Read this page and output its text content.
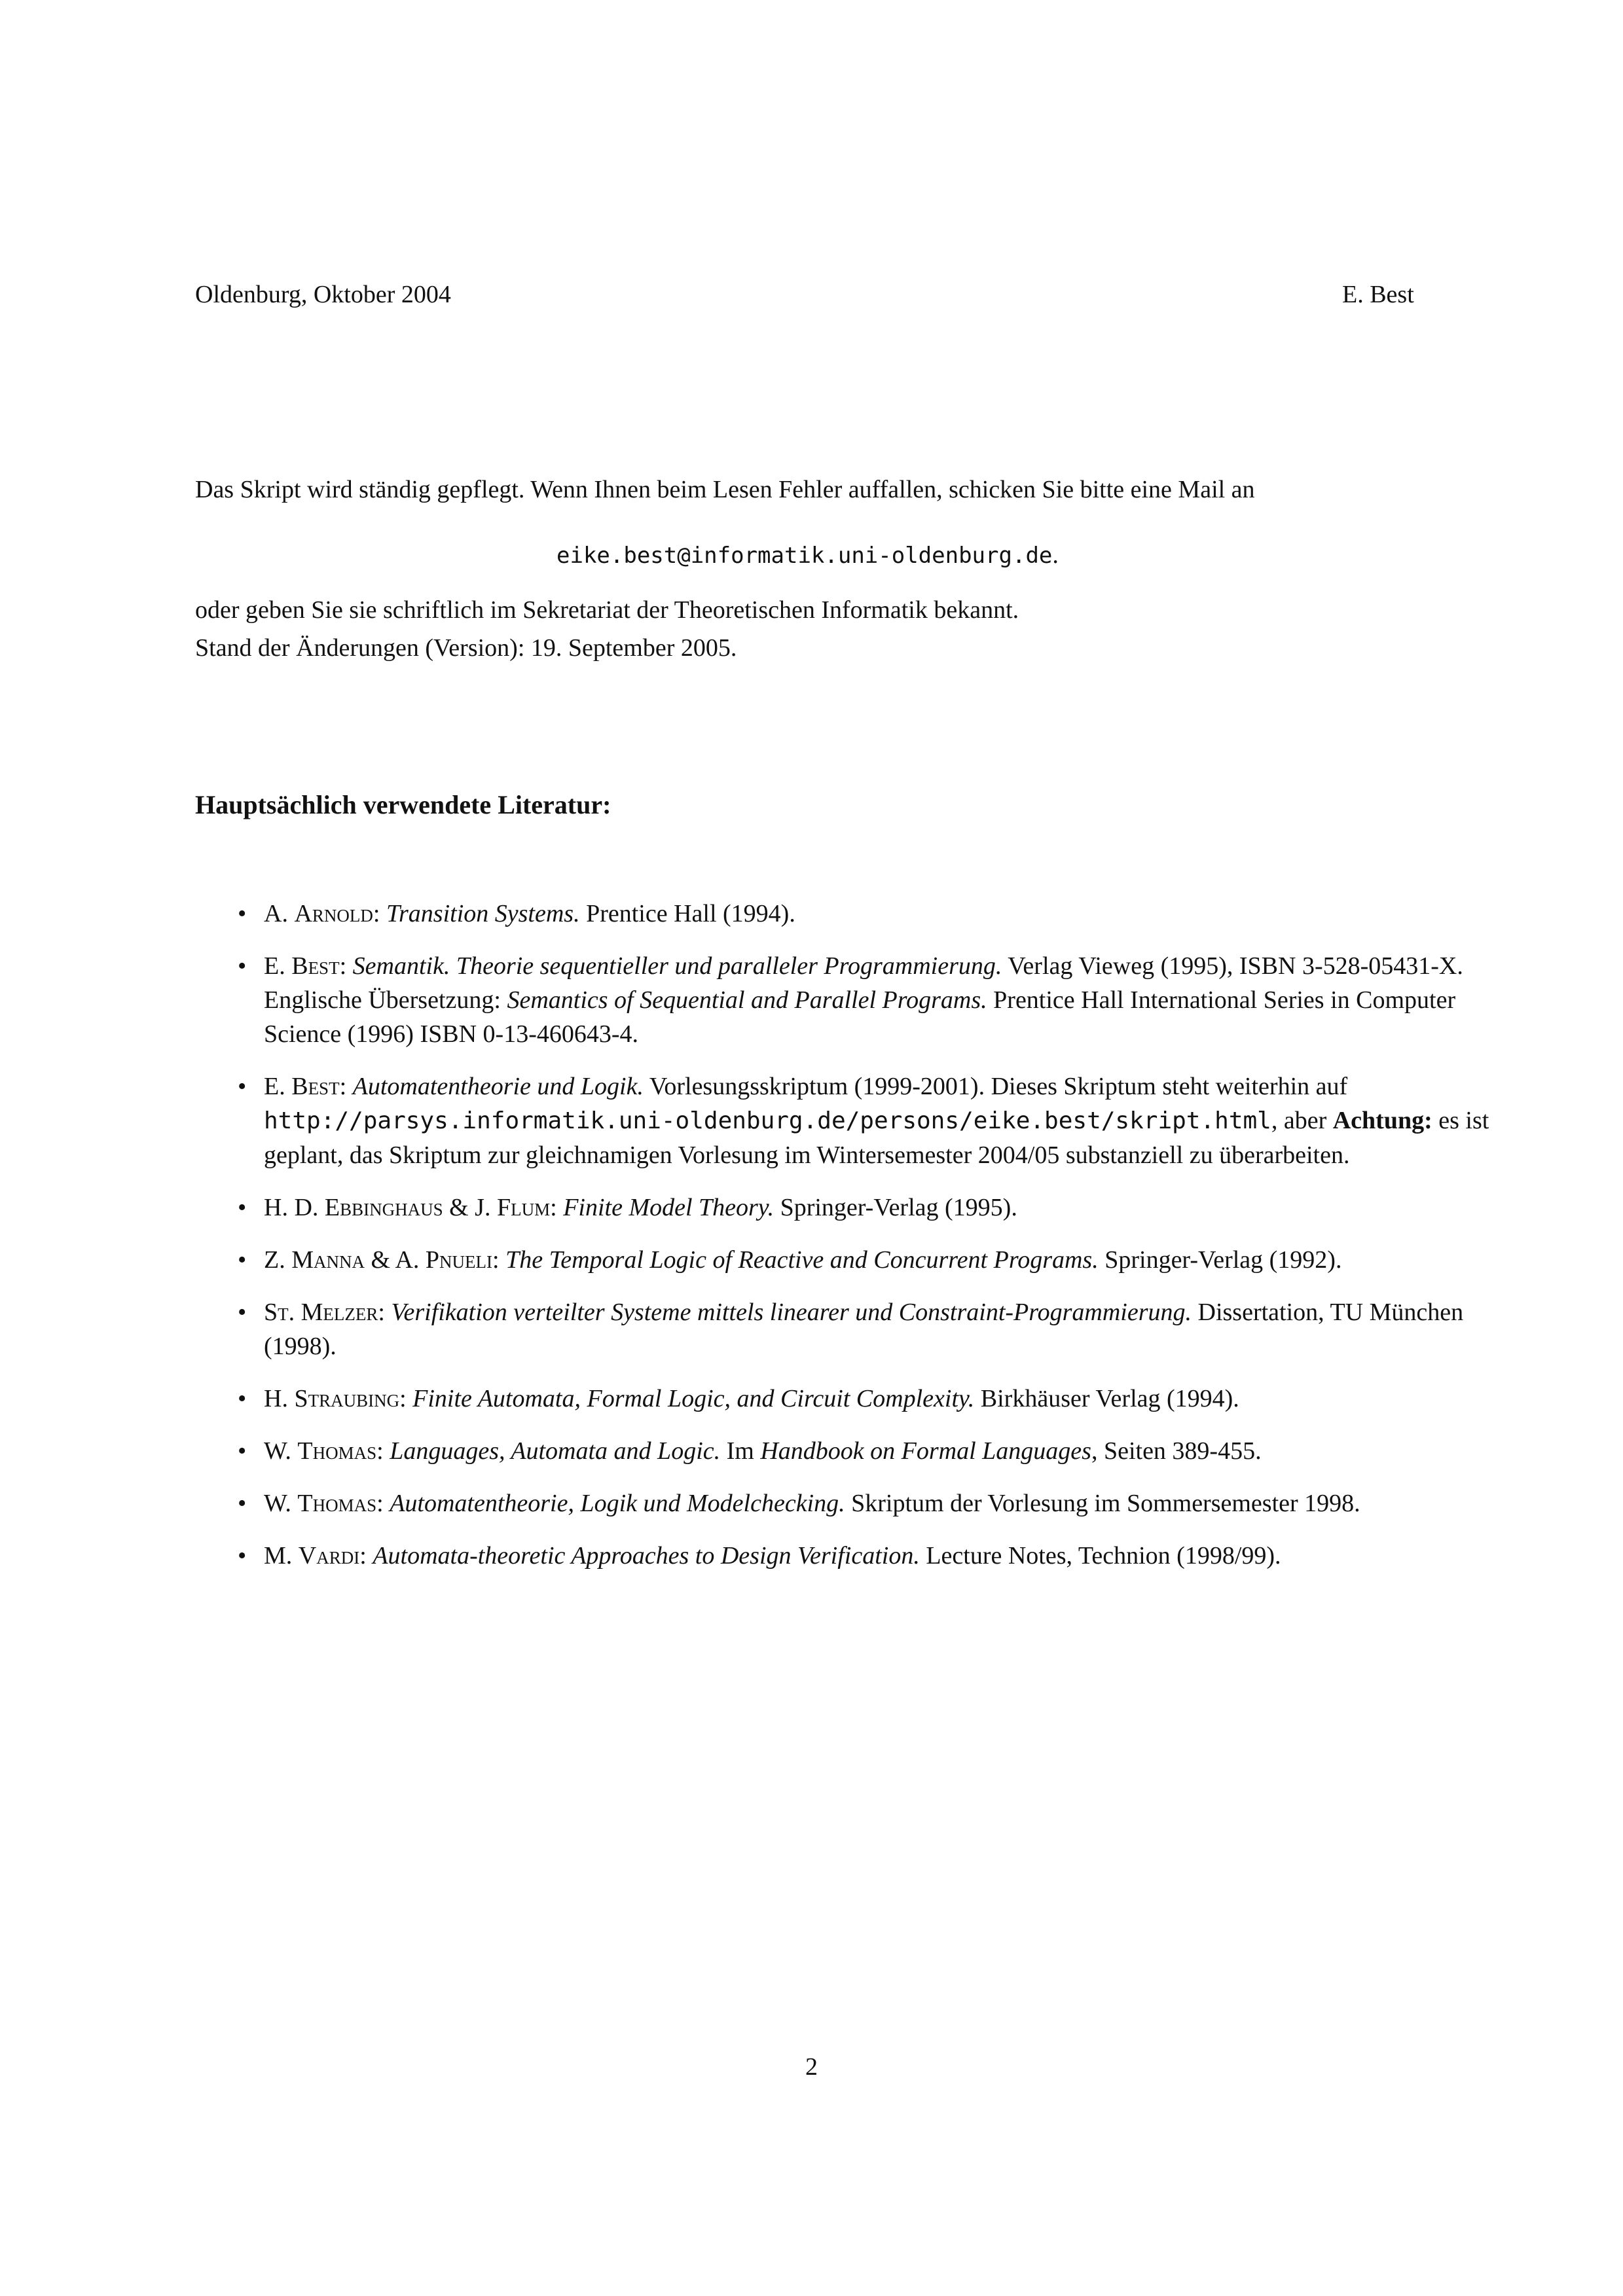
Oldenburg, Oktober 2004	E. Best
Das Skript wird ständig gepflegt. Wenn Ihnen beim Lesen Fehler auffallen, schicken Sie bitte eine Mail an
eike.best@informatik.uni-oldenburg.de.
oder geben Sie sie schriftlich im Sekretariat der Theoretischen Informatik bekannt.
Stand der Änderungen (Version): 19. September 2005.
Hauptsächlich verwendete Literatur:
• A. Arnold: Transition Systems. Prentice Hall (1994).
• E. Best: Semantik. Theorie sequentieller und paralleler Programmierung. Verlag Vieweg (1995), ISBN 3-528-05431-X.
Englische Übersetzung: Semantics of Sequential and Parallel Programs. Prentice Hall International Series in Computer Science (1996) ISBN 0-13-460643-4.
• E. Best: Automatentheorie und Logik. Vorlesungsskriptum (1999-2001). Dieses Skriptum steht weiterhin auf http://parsys.informatik.uni-oldenburg.de/persons/eike.best/skript.html, aber Achtung: es ist geplant, das Skriptum zur gleichnamigen Vorlesung im Wintersemester 2004/05 substanziell zu überarbeiten.
• H. D. Ebbinghaus & J. Flum: Finite Model Theory. Springer-Verlag (1995).
• Z. Manna & A. Pnueli: The Temporal Logic of Reactive and Concurrent Programs. Springer-Verlag (1992).
• St. Melzer: Verifikation verteilter Systeme mittels linearer und Constraint-Programmierung. Dissertation, TU München (1998).
• H. Straubing: Finite Automata, Formal Logic, and Circuit Complexity. Birkhäuser Verlag (1994).
• W. Thomas: Languages, Automata and Logic. Im Handbook on Formal Languages, Seiten 389-455.
• W. Thomas: Automatentheorie, Logik und Modelchecking. Skriptum der Vorlesung im Sommersemester 1998.
• M. Vardi: Automata-theoretic Approaches to Design Verification. Lecture Notes, Technion (1998/99).
2
